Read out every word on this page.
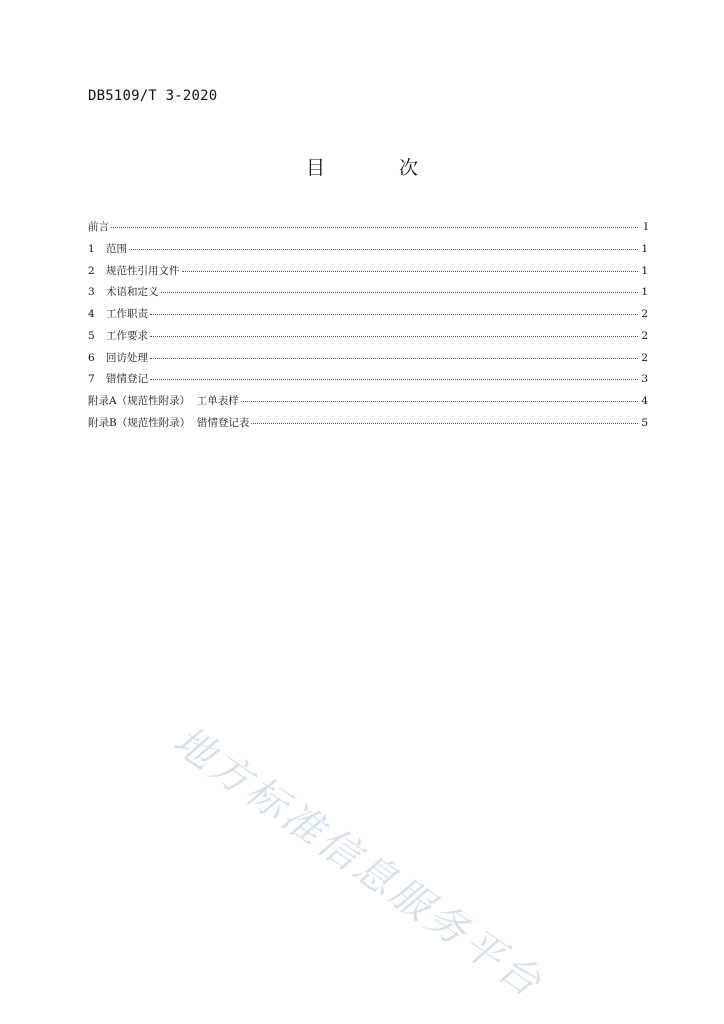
DB5109/T 3-2020
目 次
前言	Ⅰ
1	范围	1
2	规范性引用文件	1
3	术语和定义	1
4	工作职责	2
5	工作要求	2
6	回访处理	2
7	错情登记	3
附录A（规范性附录）  工单表样	4
附录B（规范性附录）  错情登记表	5
地方标准信息服务平台
